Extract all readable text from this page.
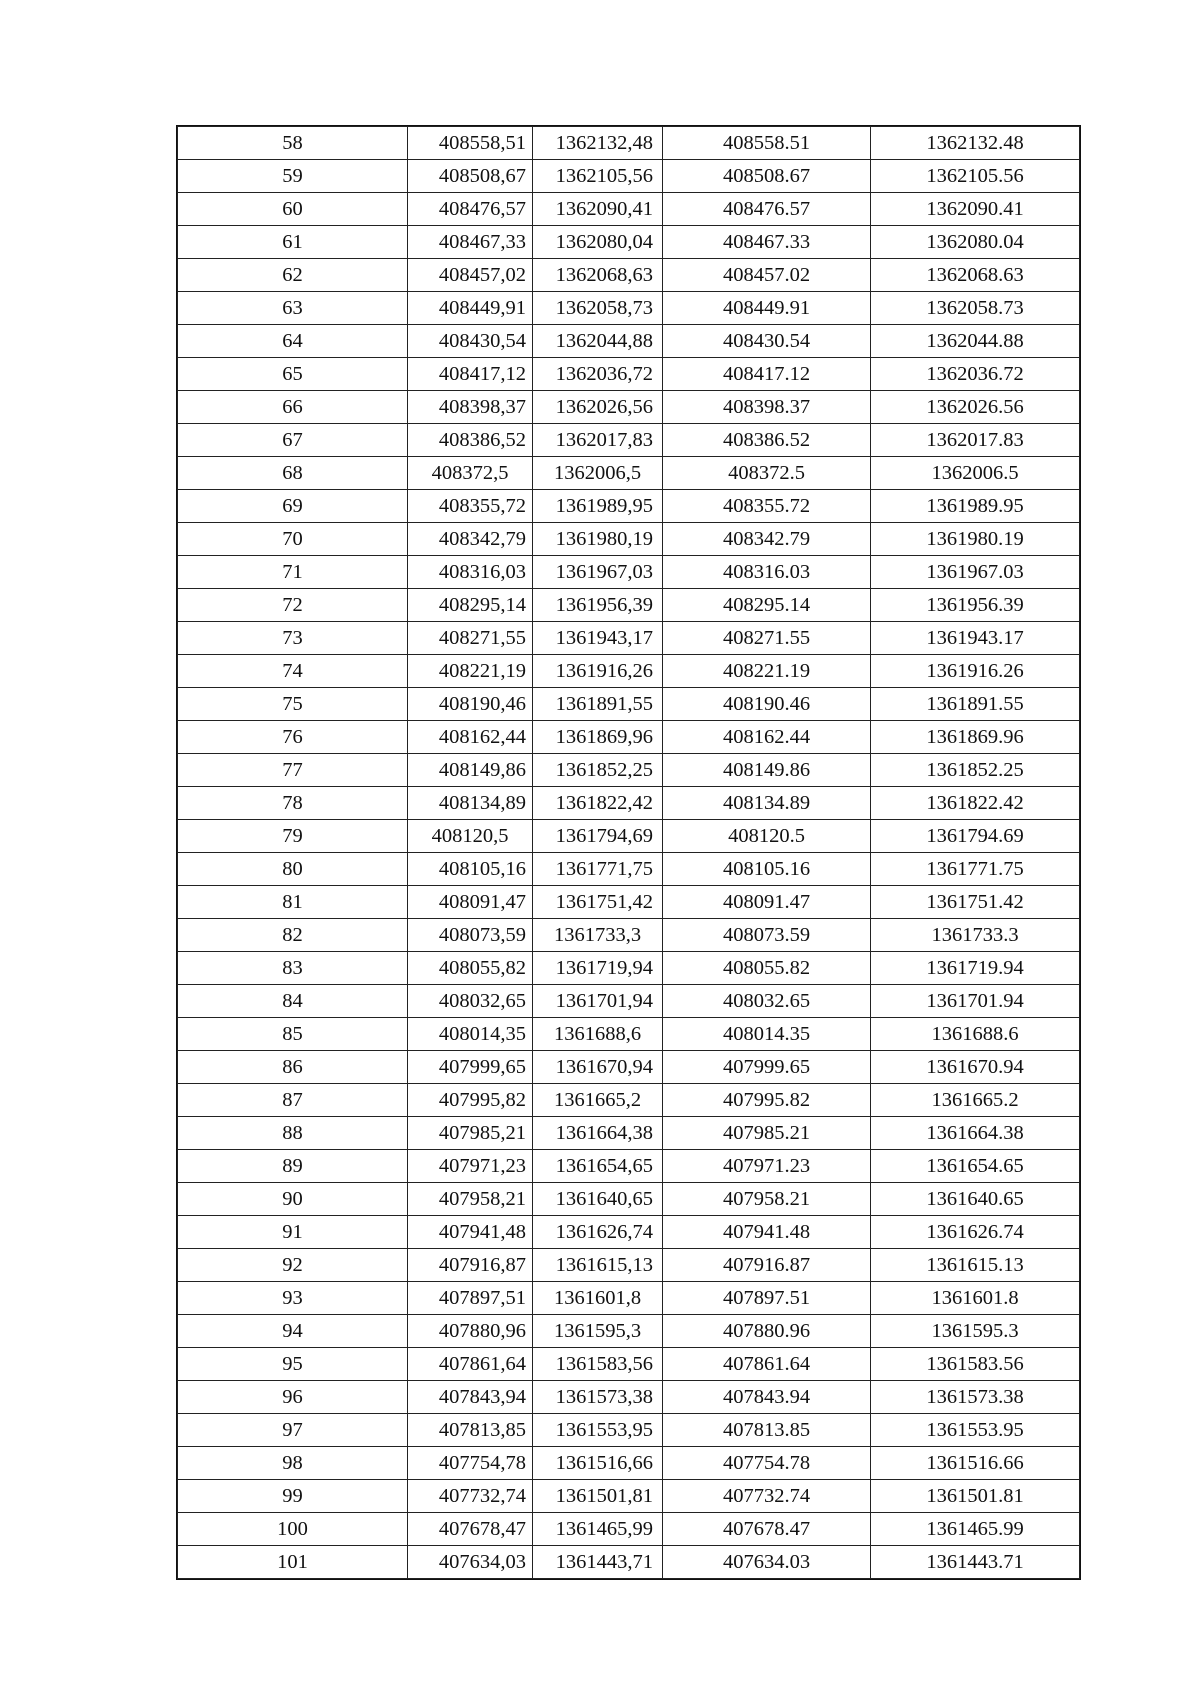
58	408558,51	1362132,48	408558.51	1362132.48
59	408508,67	1362105,56	408508.67	1362105.56
60	408476,57	1362090,41	408476.57	1362090.41
61	408467,33	1362080,04	408467.33	1362080.04
62	408457,02	1362068,63	408457.02	1362068.63
63	408449,91	1362058,73	408449.91	1362058.73
64	408430,54	1362044,88	408430.54	1362044.88
65	408417,12	1362036,72	408417.12	1362036.72
66	408398,37	1362026,56	408398.37	1362026.56
67	408386,52	1362017,83	408386.52	1362017.83
68	408372,5	1362006,5	408372.5	1362006.5
69	408355,72	1361989,95	408355.72	1361989.95
70	408342,79	1361980,19	408342.79	1361980.19
71	408316,03	1361967,03	408316.03	1361967.03
72	408295,14	1361956,39	408295.14	1361956.39
73	408271,55	1361943,17	408271.55	1361943.17
74	408221,19	1361916,26	408221.19	1361916.26
75	408190,46	1361891,55	408190.46	1361891.55
76	408162,44	1361869,96	408162.44	1361869.96
77	408149,86	1361852,25	408149.86	1361852.25
78	408134,89	1361822,42	408134.89	1361822.42
79	408120,5	1361794,69	408120.5	1361794.69
80	408105,16	1361771,75	408105.16	1361771.75
81	408091,47	1361751,42	408091.47	1361751.42
82	408073,59	1361733,3	408073.59	1361733.3
83	408055,82	1361719,94	408055.82	1361719.94
84	408032,65	1361701,94	408032.65	1361701.94
85	408014,35	1361688,6	408014.35	1361688.6
86	407999,65	1361670,94	407999.65	1361670.94
87	407995,82	1361665,2	407995.82	1361665.2
88	407985,21	1361664,38	407985.21	1361664.38
89	407971,23	1361654,65	407971.23	1361654.65
90	407958,21	1361640,65	407958.21	1361640.65
91	407941,48	1361626,74	407941.48	1361626.74
92	407916,87	1361615,13	407916.87	1361615.13
93	407897,51	1361601,8	407897.51	1361601.8
94	407880,96	1361595,3	407880.96	1361595.3
95	407861,64	1361583,56	407861.64	1361583.56
96	407843,94	1361573,38	407843.94	1361573.38
97	407813,85	1361553,95	407813.85	1361553.95
98	407754,78	1361516,66	407754.78	1361516.66
99	407732,74	1361501,81	407732.74	1361501.81
100	407678,47	1361465,99	407678.47	1361465.99
101	407634,03	1361443,71	407634.03	1361443.71
